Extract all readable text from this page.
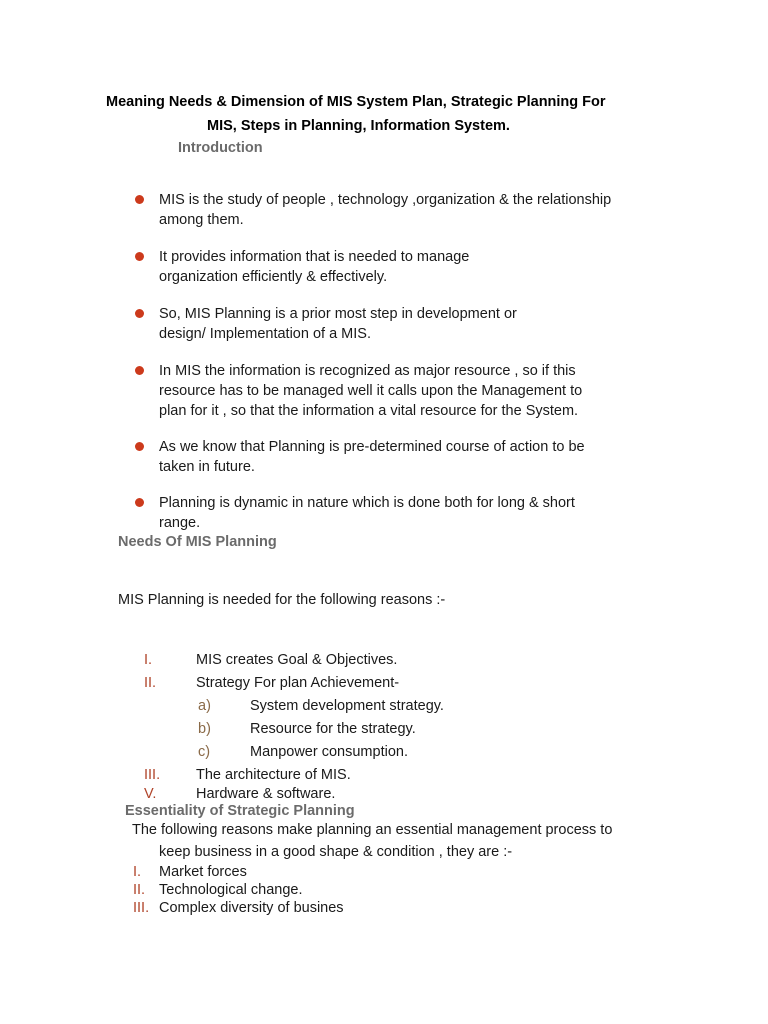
Meaning Needs & Dimension of MIS System Plan, Strategic Planning For
MIS, Steps in Planning, Information System.
Introduction
MIS is the study of people , technology ,organization & the relationship
among them.
It provides information that is needed to manage
organization efficiently & effectively.
So, MIS Planning is a prior most step in development or
design/ Implementation of a MIS.
In MIS the information is recognized as major resource , so if this
resource has to be managed well it calls upon the Management to
plan for it , so that the information a vital resource for the System.
As we know that Planning is pre-determined course of action to be
taken in future.
Planning is dynamic in nature which is done both for long & short
range.
Needs Of MIS Planning
MIS Planning is needed for the following reasons :-
I.	MIS creates Goal & Objectives.
II.	Strategy For plan Achievement-
a)	System development strategy.
b)	Resource for the strategy.
c)	Manpower consumption.
III. The architecture of MIS.
V.	Hardware & software.
Essentiality of Strategic Planning
The following reasons make planning an essential management process to
keep business in a good shape & condition , they are :-
I. Market forces
II. Technological change.
III. Complex diversity of busines
